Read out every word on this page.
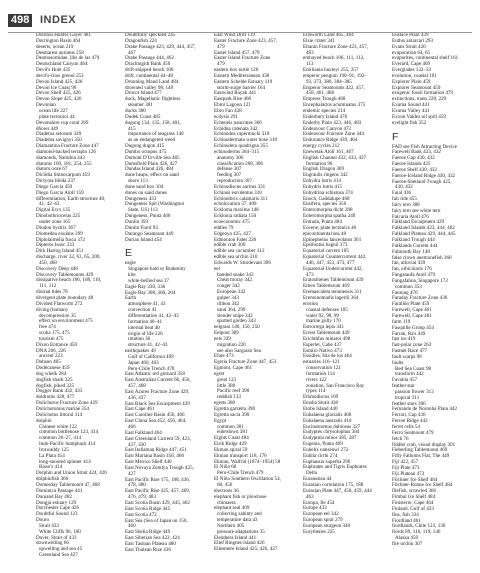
498 INDEX
Dornton Hunter Gayer 481
Dorrington Basin 464
deserts, ocean 219
Desmarest auriatus 258
Desmosomidae, libs de las 479
Deutschland Canyon 464
Devil's Hole 435
devil's-claw grenol 253
Devon Island 425, 426
Devon Ice Coast 96
Devon Shelf 425, 426
Devon Slope 425, 426
Devonian
ocean life 227
plate tectonics 44
Devonshire cup coral 269
dhows 449
Diadema setosum 349
Diadema savignyi 350
Diamantina Fracture Zone 447
diamond-backed terrapin 126
diamonds, Namibia 443
diatoms 169, 181, 254, 255
diatom ooze 67
Diclidia limnocarpum 459
Dictyota libida 237
Diego Garcia 450
Diego Garcia Atoll 159
differentiation, Earth structure 40,
41, 42–43
Digital Eryx 135
Dinobothrioceras 225
under zone 165
Diodon hystrix 367
Diomedea exulans 399
Diplolaimella fusca 372
Dipteros Isosc 333
Dirk Hartog Island 451
discharge, river 32, 63, 65, 200,
450, 468
Discovery Deep 446
Discovery Tablemounts 429
dissipative beach 106, 108, 110,
111, 112
diurnal tides 78
divergent plate boundary 48
Divided Flatworm 272
diving (human)
decompression 35
effect on environment 475
free 474
scuba 175, 475
tourism 475
Dixon Entrance 450
DNA 206, 226
ancient 223
Dobson 465
Dodecanese 459
dog whelk 284
dogfish shark 325
dogfish, piked 325
Dogger Bank 432, 433
doldrums 428, 477
Dolichorus Fracture Zone 429
Dolichotomus mariae 354
Dolichotus littoral 314
dolphin
Chinese white 122
common bottlenose 123, 414
common 26–27, 414
Indo-Pacific humpback 414
Irrawaddy 125
La Plata 414
long-snouted spinner 414
Risso's 414
Dolphin and Union Strait 424, 426
dolphinfish 366
Domesday Tablemount 47, 468
Dominica Passage 441
Doniand Bay 482
Dongju estuary 129
Dorchester Cape 426
Doubtful Sound 123
Douro
Strait 433
White Cliffs 96, 100
Dover, Strait of 433
downwelling 66
upwelling and sea 45
Greenland Sea 427
Doubtfully speckled 245
Dragonfish 224
Drake Passage 423, 429, 444, 457,
467
Drake Passage 444, 462
Drachmgidt Bank 450
drift-shipped beach 106
drift, continental 44–48
Dronning Maud Land 484
drowned valley 98, 148
Drucot Island 477
duck, Magellanic flightless
steamer 381
ducks 380
Dudek Coast 485
dugong 134, 135, 158, 401,
415
importance of seagrass 140
as an endangered weed
Dugong dugon 415
Dumbo octopus 475
Dumont D'Urville Sea 485
Dumsfield Plain 426, 427
Dundas Island 426, 484
dune heaps, effect on sand
shore 113
dune sand box 104
dunes on sand dunes
Dungeness 433
Dungeness Spit (Washington
State, US) 113
Dungeness, Punta 466
Dunlin 393
Dunlin Fiord 93
Durango Seamount 449
Durian Island 454
E
eagle
Singapore bald or Brahminy
kite
white-bellied sea 37
Eagle Ray 330, 336
Eagle Bay 308, 360, 204
Earth
atmosphere 41, 43
convection 41
differentiation 41, 42–43
formation 40–41
internal heat 40
origin of life 226
rotation 36
structure 41, 42–43
earthquakes 49
Gulf of California 409
Japan 460, 463
Peru-Chile Trench 478
East Atlantic red gurnard 358
East Australian Current 66, 450,
457, 468
East Azores Fracture Zone 429,
436, 437
East Black Sea Escarpment 439
East Cape 461
East Caroline Basin 456, 466
East China Sea 452, 456, 464,
466
East Falkland 464
East Greenland Current 59, 423,
427, 430
East Indiaman Ridge 447, 451
East Mariana Basin 456, 466
East Mexico Shelf 440
East Novaya Zemlya Trough 425,
427
East Pacific Rise 175, 188, 436,
478, 480
East Pacific Rise 425, 457, 469,
476, 479, 483
East Scotia Basin 429, 445, 462
East Scotia Ridge 445
East Scotia 472
East Sea (Sea of Japan on 150,
460
East Shelia Ridge 449
East Siberian Sea 422, 424
East Tasman Plateau 480
East Thulean Rise 436
East Wind Drift 119
Easter Fracture Zone 423, 457,
479
Easter Island 457, 479
Easter Island Fracture Zone
479
eastern box turtle 126
Eastern Mediterranean 438
Eastern Schelde Estuary 119
storm-surge barrier 164
Eastwind Rayak 441
Eastpark Rise 466
Ebini Lagoon 121
Ebro Fan 438
ecdysis 291
Echeneis naucrates 366
Echidna catenata 342
Echinodea capermucki 318
Echinodermata water hose 318
Echinodera quadrigna 355
echinoderms 304–315
anatomy 306
classification 208, 306
defense 307
feeding 307
reproduction 307
Echinodiscus auritus 331
Echinus esculentus 310
Echinothrix calamaris 311
echolocation 37, 408
Eckloma maxima 148
Ecklonia radiata 150
ecoeconomic 475
eddies 79
Edgeoya 425, 427
Edmonton Fates 226
edible crab 300
edible sea cucumber 312
edible sea urchin 310
Edwards W. Sturdevant 396
eel
banded snake 343
Cheat moray 342
conger 342
European 342
gulper 343
ribbon 342
sand 364, 299
slender snipe 342
spotted garden 343
eelgrass 140, 150, 250
Eelpout 389
eels 339
migration 220
see also Sargasso Sea
Efate 473
Egeria Fracture Zone 447, 453
Egmont, Cape 461
egret
great 123
little 380
Pacific reef 390
reddish 133
egrets 380
Egretta garzetta 390
Egretta sacra 390
Egypt
common 381
eiderdown 381
Eights Coast 484
Eirik Ridge 429
Ekman spiral 59
Ekman transport 118, 176
Ekman, Walfrid (1874–1954) 58
El Niño 68
Peru-Chile Trench 479
El Niño Southern Oscillation 54,
68, 456
electrons 36
elephant fish or plowhose
chimaera
elephant seal 409
collecting sabinty and
temperature data 43
Northern 405
pressure adaptations 35
Eleuthera Island 441
Ellef Ringnes Island 426
Ellesmere Island 425, 426, 427
Ellsworth Land 465, 484
Elsie crater 341
Eltanin Fracture Zone 423, 457,
483
embayed beach 106, 111, 112,
113
Emiliania huxleyi 255, 257
emperor penguin 190–91, 192–
93, 373, 380, 384–385
Emperor Seamounts 422, 457,
458, 461, 468
Empress Trough 468
Encephalartos acuminatus 375
endemic species 214
Enderbury Island 476
Enderby Plain 423, 446, 483
Endeavour Canyon 472
Endeavour Fracture Zone 444
Endurance Ridge 439, 464
energy cycles 212
Enewetak Atoll 161, 467
English Channel 432, 433, 437
formation 96
English Dragon 369
Engraulis ringens 342
Enhydra lutris 414
Enhydris lutris 415
Enhydrina schistosa 374
Enoch, Gaddalupe 468
Ensifera, species 356
Enteromorpha dicht 288
Enteromorpha spatha 249
Entrada, Punta 484
Eocene, plate tectonics 46
epicontinental sea 48
Epinephelus lanceolatus 361
Epsilontus bagnii 373
Equatorial current 105
Equatorial Countercurrent 442,
446, 447, 453, 473, 477
Equatorial Undercurrent 442,
473
Eratosthenes Tablemount 439
Erben Tablemount 469
Eremascaleta tenunensis 311
Eremonomadis lagerlii 364
erosion
coastal defenses 105
water 92, 98, 99
marine gully 170
Estrorrega lepis 341
Errest Tablemount 449
Erichthfus minator 498
Esperlel, Cabe 437
Esmiro Nativo 473
Essidies, Isla de los 464
estuaries 116–121
conservation 121
formation 114
rivers 122
zonation, San Francisco Bay
types 114
Ethmodiscus 169
Etosha Strait 436
Etobe Island 440
Eubalaena glacialis 408
Eubalaena australis 410
Eucinostomus dubiosus 327
Eudyptes chrysolophus 384
Eudyptula minor 385, 287
Eugenia, Punta 469
Euhelix nansenwi 272
Euhlia cirrhi 274
Euphausia superba 296
Euphrates and Tigris Euphrates
Delta
Euraussiea 44
Eurasian correlation 175, 188
Eurasian Plate 447, 458, 459, 444
463
Europa, Ile 454
Europe 433
European eel 342
European sprat 279
European sturgeon 340
Eurythenes 225
Eustace Plain 439
Euthis antarcari 293
Evans Strait 426
evaporation 64, 65
evaporites, continental shelf 161
Everard, Cape 469
Everglades 132–33
evolution, coastal 101
Explorer Plain 459
Explorer Seamount 459
exogenic fossil formation 479
extinctions, mass 228, 229
Exuma Sound 441
Exuma Valley 441
Exxon Valdez oil spill 459
eyelight fish 352
F
FAD see Fish Attracting Device
Farewell Bank 433, 432
Faeroe Gap 430, 432
Faeroe Islands 425
Faeroe Shelf 430, 432
Faeroe-Iceland Ridge 430, 432
Faeroe-Shetland Trough 425,
430, 432
Faial 436
fair tide 455
fairy tern 388
fairy tern see white tern
Falcaria Atoll 476
Falkland Escarpment 429
Falkland Islands 423, 444, 462
Falkland Plateau 429, 444, 445
Falkland Trough 444
Falklands Current 444
Falmouth Bay 148
false clown anemonefish 360
fan, alluvial 439
fan, orbicularis 176
Fangataufa Atoll 479
Fangafahoa, Singapore 172
common 353
Fanning 476
Faraday Fracture Zone 436
Farallón Plate 459
Farewell, Cape 461
Farewell, Cape 481
farm 119
Fasquille Group 454
Farrak, Ra's 449
fast ice 419
fast-polar zone 263
Fastnet Race 477
fault scarps 98
faults
Red Sea Coast 98
transform 442
Favabla 457
feather star
passion flower 313
tropical 311
feather stars 306
Fernando de Noronha Plain 442
Ferrari, Cap 436
Ferroe Ridge 442
ferret cells 54
Ferro Seamount 479
fetch 76
fiddler crab, visual display 301
Fieberling Tablemount 469
Fifty Fathoms Flat, The 449
Fiji 422, 457
Fiji Plate 473
Fiji Plateau 473
Filchner Ice Shelf 484
Filchner-Ronne Ice Shelf 484
filefish, scrawled 366
Fimbul Ice Shelf 484
Finisterre, Cape 464
Finland, Gulf of 433
fins, fish 334
Fiordland 461
fiordlands, Chile 123, 130
fiords 89, 116, 119, 140
Alaska 459
fire urchin 307
